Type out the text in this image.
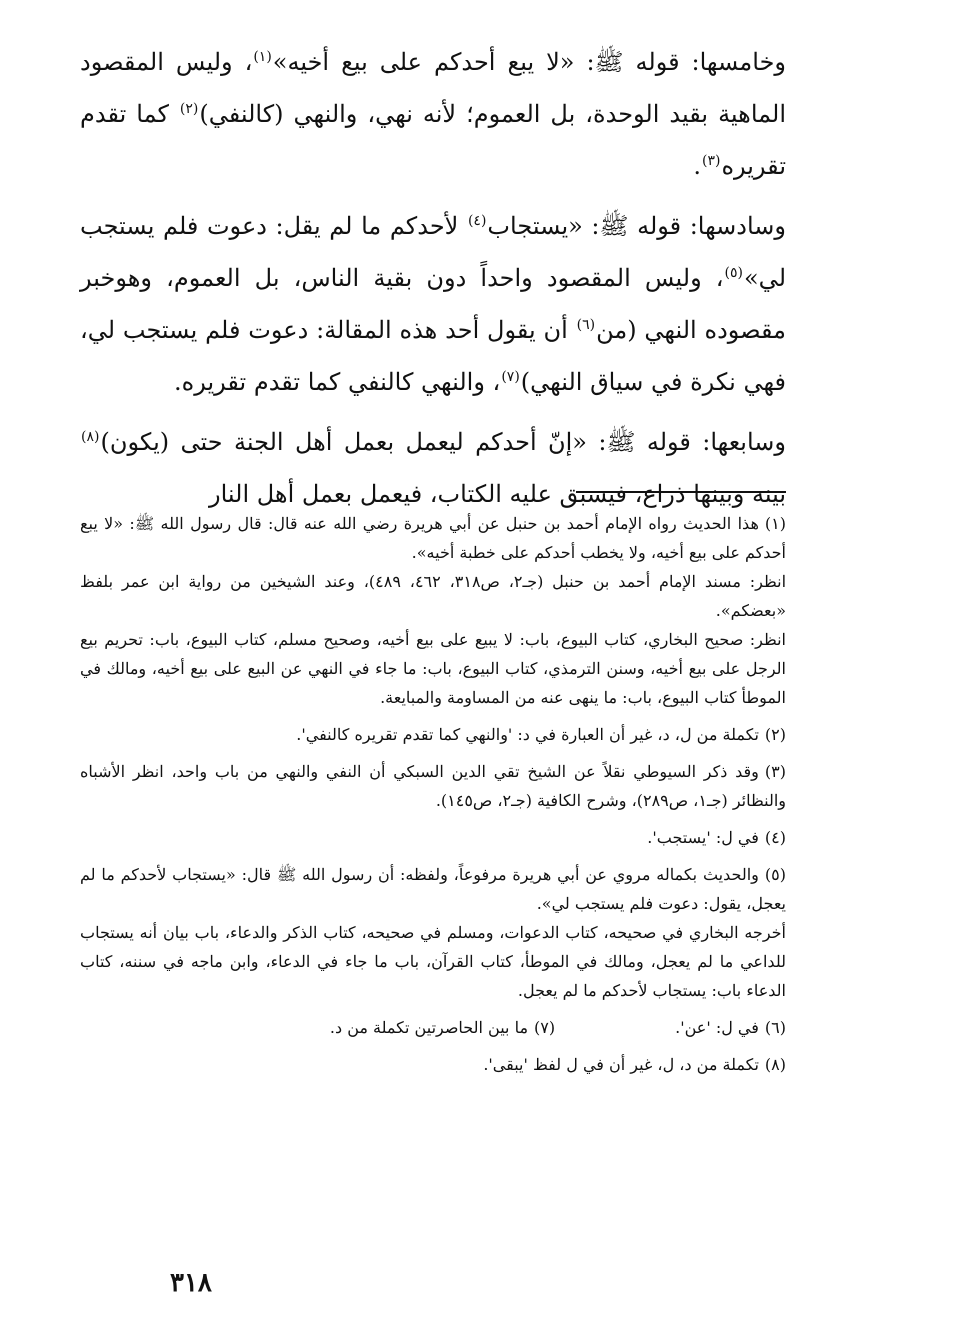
وخامسها: قوله ﷺ: «لا يبع أحدكم على بيع أخيه»$^{(١)}$، وليس المقصود الماهية بقيد الوحدة، بل العموم؛ لأنه نهي، والنهي (كالنفي)$^{(٢)}$ كما تقدم تقريره$^{(٣)}$.

وسادسها: قوله ﷺ: «يستجاب$^{(٤)}$ لأحدكم ما لم يقل: دعوت فلم يستجب لي»$^{(٥)}$، وليس المقصود واحداً دون بقية الناس، بل العموم، وهوخبر مقصوده النهي (من$^{(٦)}$ أن يقول أحد هذه المقالة: دعوت فلم يستجب لي، فهي نكرة في سياق النهي)$^{(٧)}$، والنهي كالنفي كما تقدم تقريره.

وسابعها: قوله ﷺ: «إنّ أحدكم ليعمل بعمل أهل الجنة حتى (يكون)$^{(٨)}$ بينه وبينها ذراع، فيسبق عليه الكتاب، فيعمل بعمل أهل النار

(١)هذا الحديث رواه الإمام أحمد بن حنبل عن أبي هريرة رضي الله عنه قال: قال رسول الله ﷺ: «لا يبع أحدكم على بيع أخيه، ولا يخطب أحدكم على خطبة أخيه».
انظر: مسند الإمام أحمد بن حنبل (جـ٢، ص٣١٨، ٤٦٢، ٤٨٩)، وعند الشيخين من رواية ابن عمر بلفظ «بعضكم».
انظر: صحيح البخاري، كتاب البيوع، باب: لا يبيع على بيع أخيه، وصحيح مسلم، كتاب البيوع، باب: تحريم بيع الرجل على بيع أخيه، وسنن الترمذي، كتاب البيوع، باب: ما جاء في النهي عن البيع على بيع أخيه، ومالك في الموطأ كتاب البيوع، باب: ما ينهى عنه من المساومة والمبايعة.
(٢)تكملة من ل، د، غير أن العبارة في د: 'والنهي كما تقدم تقريره كالنفي'.
(٣)وقد ذكر السيوطي نقلاً عن الشيخ تقي الدين السبكي أن النفي والنهي من باب واحد، انظر الأشباه والنظائر (جـ١، ص٢٨٩)، وشرح الكافية (جـ٢، ص١٤٥).
(٤)في ل: 'يستجب'.
(٥)والحديث بكماله مروي عن أبي هريرة مرفوعاً، ولفظه: أن رسول الله ﷺ قال: «يستجاب لأحدكم ما لم يعجل، يقول: دعوت فلم يستجب لي».
أخرجه البخاري في صحيحه، كتاب الدعوات، ومسلم في صحيحه، كتاب الذكر والدعاء، باب بيان أنه يستجاب للداعي ما لم يعجل، ومالك في الموطأ، كتاب القرآن، باب ما جاء في الدعاء، وابن ماجه في سننه، كتاب الدعاء باب: يستجاب لأحدكم ما لم يعجل.
(٦)في ل: 'عن'.
(٧)ما بين الحاصرتين تكملة من د.
(٨)تكملة من د، ل، غير أن في ل لفظ 'يبقى'.
٣١٨
